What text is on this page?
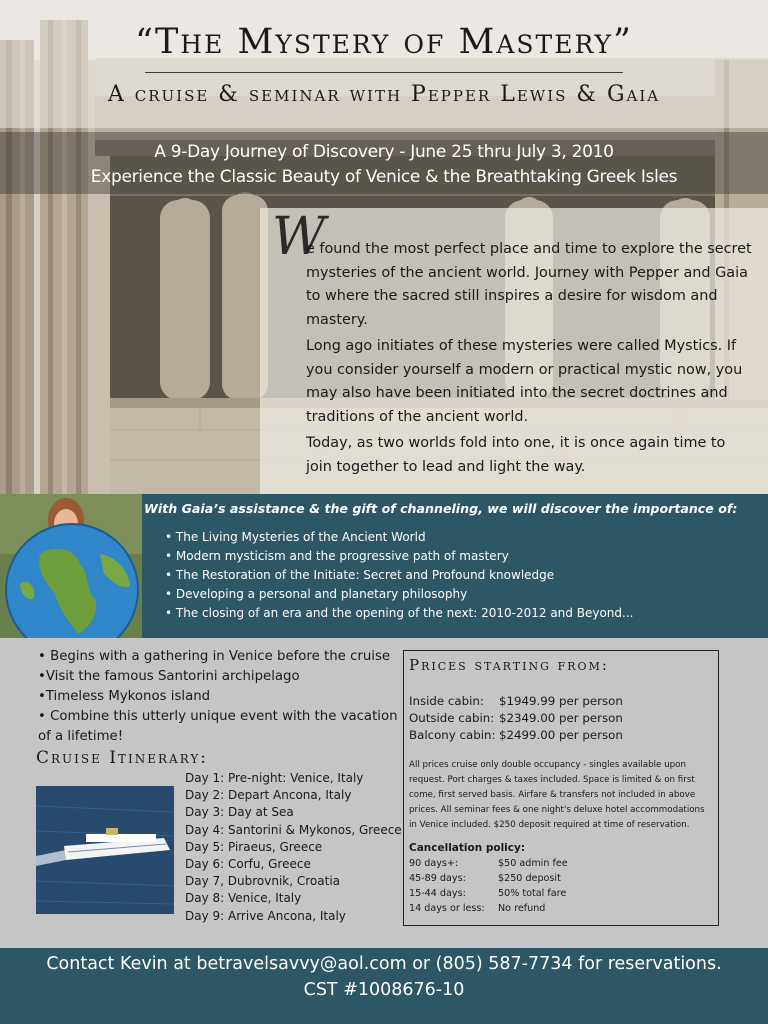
“The Mystery of Mastery”
A cruise & seminar with Pepper Lewis & Gaia
A 9-Day Journey of Discovery - June 25 thru July 3, 2010
Experience the Classic Beauty of Venice & the Breathtaking Greek Isles
W

e found the most perfect place and time to explore the secret mysteries of the ancient world. Journey with Pepper and Gaia to where the sacred still inspires a desire for wisdom and mastery.

Long ago initiates of these mysteries were called Mystics. If you consider yourself a modern or practical mystic now, you may also have been initiated into the secret doctrines and traditions of the ancient world.

Today, as two worlds fold into one, it is once again time to join together to lead and light the way.

With Gaia’s assistance & the gift of channeling, we will discover the importance of:
• The Living Mysteries of the Ancient World
• Modern mysticism and the progressive path of mastery
• The Restoration of the Initiate: Secret and Profound knowledge
• Developing a personal and planetary philosophy
• The closing of an era and the opening of the next: 2010-2012 and Beyond...
• Begins with a gathering in Venice before the cruise
•Visit the famous Santorini archipelago
•Timeless Mykonos island
• Combine this utterly unique event with the vacation of a lifetime!
Cruise Itinerary:
Day 1: Pre-night: Venice, Italy
Day 2: Depart Ancona, Italy
Day 3: Day at Sea
Day 4: Santorini & Mykonos, Greece
Day 5: Piraeus, Greece
Day 6: Corfu, Greece
Day 7, Dubrovnik, Croatia
Day 8: Venice, Italy
Day 9: Arrive Ancona, Italy
Prices starting from:
Inside cabin: $1949.99 per person
Outside cabin: $2349.00 per person
Balcony cabin: $2499.00 per person
All prices cruise only double occupancy - singles available upon request. Port charges & taxes included. Space is limited & on first come, first served basis. Airfare & transfers not included in above prices. All seminar fees & one night's deluxe hotel accommodations in Venice included. $250 deposit required at time of reservation.
Cancellation policy:
90 days+:	$50 admin fee
45-89 days:	$250 deposit
15-44 days:	50% total fare
14 days or less: No refund
Contact Kevin at betravelsavvy@aol.com or (805) 587-7734 for reservations.
CST #1008676-10
